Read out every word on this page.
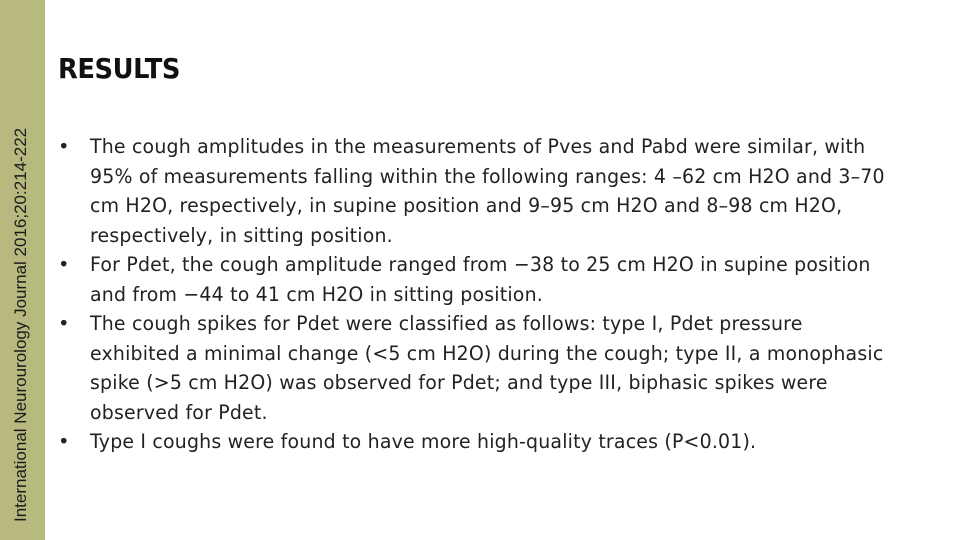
International Neurourology Journal 2016;20:214-222
RESULTS
• The cough amplitudes in the measurements of Pves and Pabd were similar, with 95% of measurements falling within the following ranges: 4 –62 cm H2O and 3–70 cm H2O, respectively, in supine position and 9–95 cm H2O and 8–98 cm H2O, respectively, in sitting position.
• For Pdet, the cough amplitude ranged from −38 to 25 cm H2O in supine position and from −44 to 41 cm H2O in sitting position.
• The cough spikes for Pdet were classified as follows: type I, Pdet pressure exhibited a minimal change (<5 cm H2O) during the cough; type II, a monophasic spike (>5 cm H2O) was observed for Pdet; and type III, biphasic spikes were observed for Pdet.
• Type I coughs were found to have more high-quality traces (P<0.01).
